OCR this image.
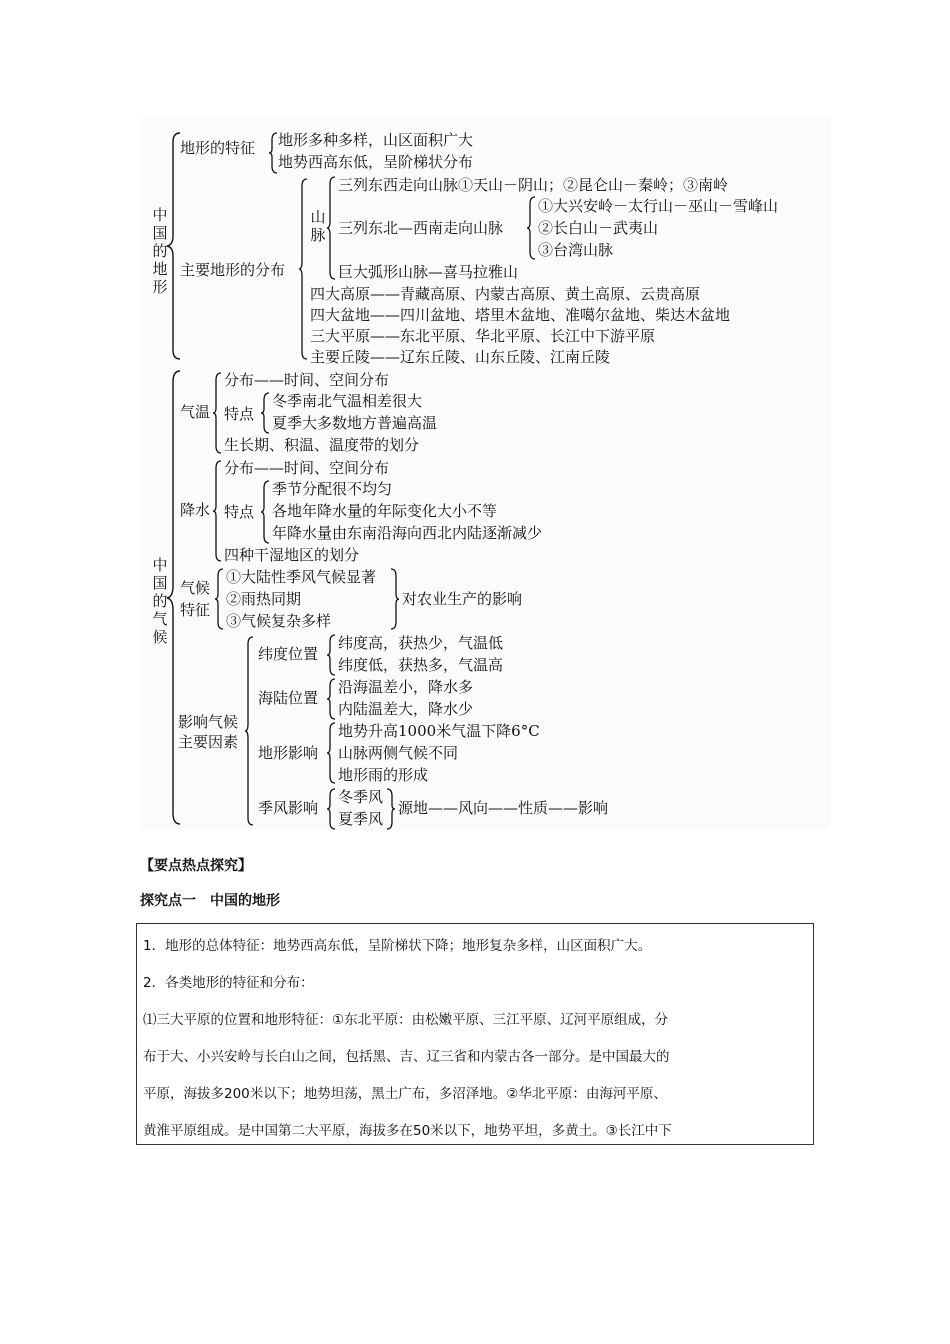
中国的地形
地形的特征 地形多种多样，山区面积广大
地势西高东低，呈阶梯状分布
主要地形的分布
山脉
三列东西走向山脉①天山－阴山；②昆仑山－秦岭；③南岭
三列东北—西南走向山脉
①大兴安岭－太行山－巫山－雪峰山
②长白山－武夷山
③台湾山脉
巨大弧形山脉—喜马拉雅山
四大高原——青藏高原、内蒙古高原、黄土高原、云贵高原
四大盆地——四川盆地、塔里木盆地、准噶尔盆地、柴达木盆地
三大平原——东北平原、华北平原、长江中下游平原
主要丘陵——辽东丘陵、山东丘陵、江南丘陵
中国的气候
气温
分布——时间、空间分布
特点
冬季南北气温相差很大
夏季大多数地方普遍高温
生长期、积温、温度带的划分
降水
分布——时间、空间分布
特点
季节分配很不均匀
各地年降水量的年际变化大小不等
年降水量由东南沿海向西北内陆逐渐减少
四种干湿地区的划分
气候特征
①大陆性季风气候显著
②雨热同期
③气候复杂多样
对农业生产的影响
影响气候主要因素
纬度位置
纬度高，获热少，气温低
纬度低，获热多，气温高
海陆位置
沿海温差小，降水多
内陆温差大，降水少
地形影响
地势升高1000米气温下降6°C
山脉两侧气候不同
地形雨的形成
季风影响
冬季风
夏季风
源地——风向——性质——影响
【要点热点探究】
探究点一　中国的地形

1．地形的总体特征：地势西高东低，呈阶梯状下降；地形复杂多样，山区面积广大。

2．各类地形的特征和分布：

⑴三大平原的位置和地形特征：①东北平原：由松嫩平原、三江平原、辽河平原组成，分

布于大、小兴安岭与长白山之间，包括黑、吉、辽三省和内蒙古各一部分。是中国最大的

平原，海拔多200米以下；地势坦荡，黑土广布，多沼泽地。②华北平原：由海河平原、

黄淮平原组成。是中国第二大平原，海拔多在50米以下，地势平坦，多黄土。③长江中下
